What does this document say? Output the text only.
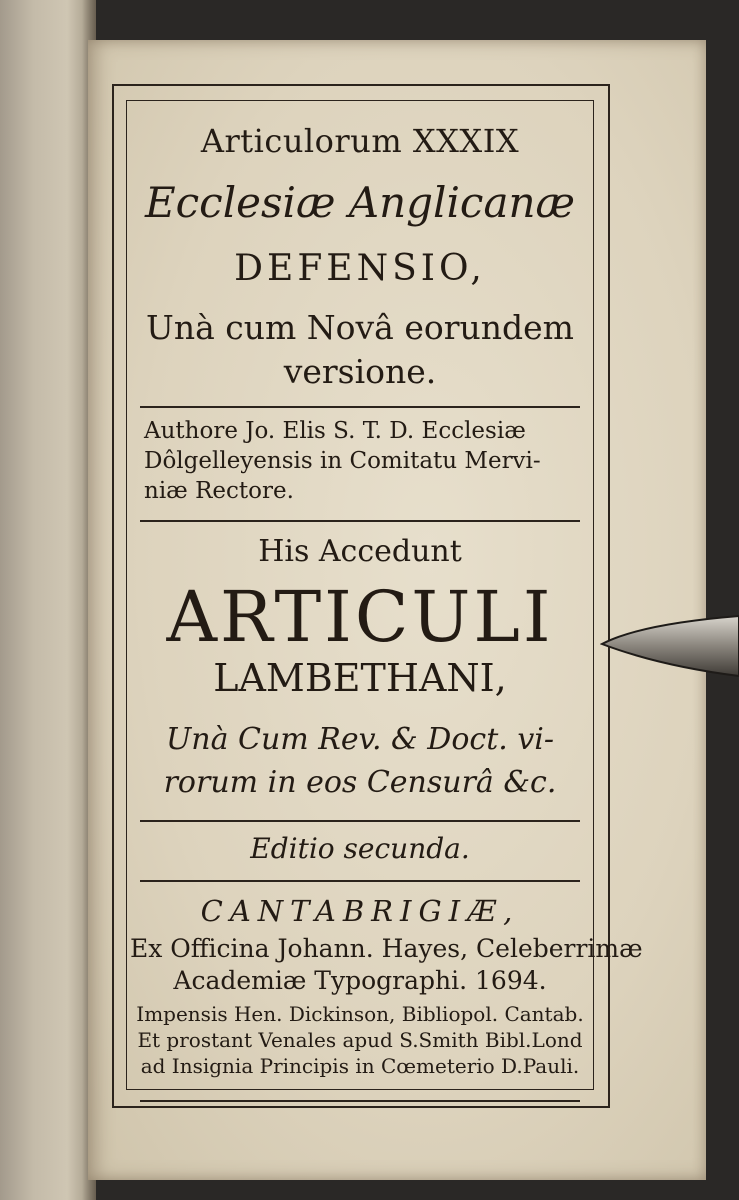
Articulorum XXXIX
Ecclesiæ Anglicanæ
DEFENSIO,
Unà cum Novâ eorundem
versione.
Authore Jo. Elis S. T. D. Ecclesiæ Dôlgelleyensis in Comitatu Mervi-niæ Rectore.
His Accedunt
ARTICULI
LAMBETHANI,
Unà Cum Rev. & Doct. vi-
rorum in eos Censurâ &c.
Editio secunda.
CANTABRIGIÆ,
Ex Officina Johann. Hayes, Celeberrimæ
Academiæ Typographi. 1694.
Impensis Hen. Dickinson, Bibliopol. Cantab.
Et prostant Venales apud S.Smith Bibl.Lond
ad Insignia Principis in Cœmeterio D.Pauli.
